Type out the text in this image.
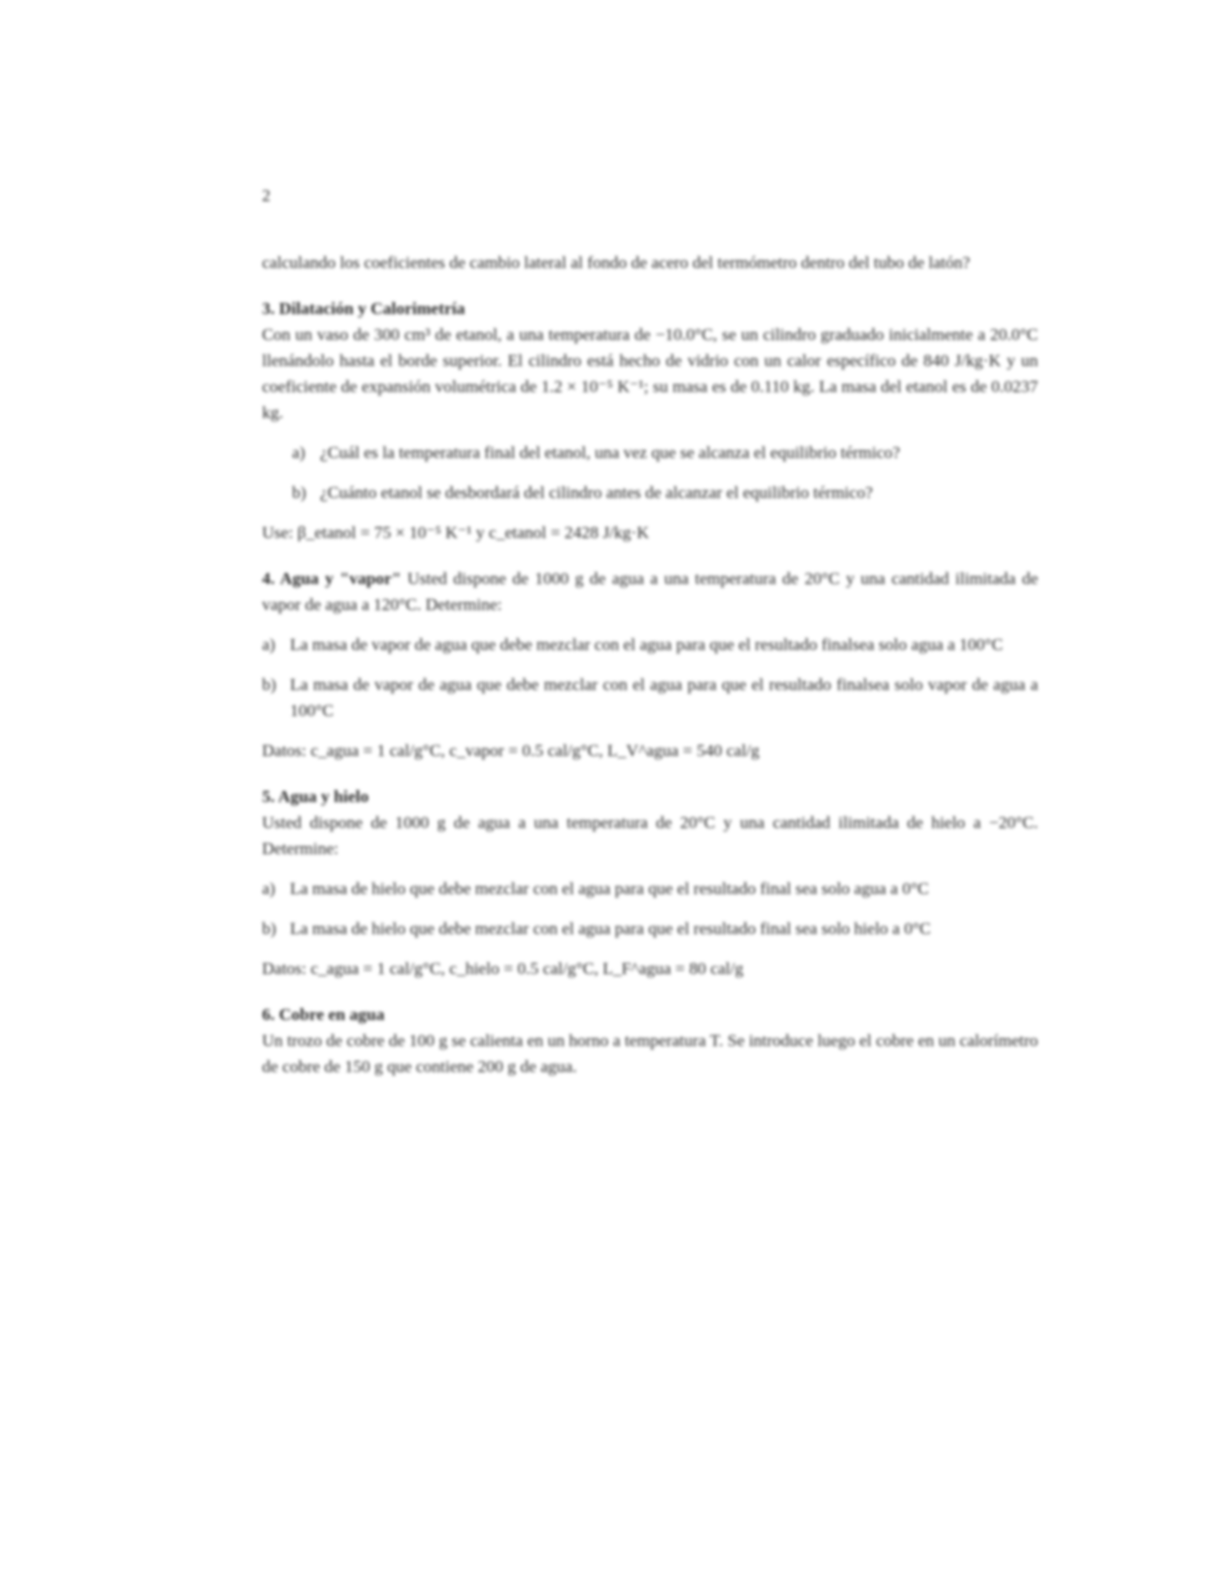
2

calculando los coeficientes de cambio lateral al fondo de acero del termómetro dentro del tubo de latón?

3. Dilatación y Calorimetría
Con un vaso de 300 cm³ de etanol, a una temperatura de −10.0°C, se un cilindro graduado inicialmente a 20.0°C llenándolo hasta el borde superior. El cilindro está hecho de vidrio con un calor específico de 840 J/kg·K y un coeficiente de expansión volumétrica de 1.2 × 10⁻⁵ K⁻¹; su masa es de 0.110 kg. La masa del etanol es de 0.0237 kg.
a) ¿Cuál es la temperatura final del etanol, una vez que se alcanza el equilibrio térmico?
b) ¿Cuánto etanol se desbordará del cilindro antes de alcanzar el equilibrio térmico?
Use: β_etanol = 75 × 10⁻⁵ K⁻¹ y c_etanol = 2428 J/kg·K
4. Agua y "vapor" Usted dispone de 1000 g de agua a una temperatura de 20°C y una cantidad ilimitada de vapor de agua a 120°C. Determine:
a) La masa de vapor de agua que debe mezclar con el agua para que el resultado finalsea solo agua a 100°C
b) La masa de vapor de agua que debe mezclar con el agua para que el resultado finalsea solo vapor de agua a 100°C
Datos: c_agua = 1 cal/g°C, c_vapor = 0.5 cal/g°C, L_V^agua = 540 cal/g
5. Agua y hielo
Usted dispone de 1000 g de agua a una temperatura de 20°C y una cantidad ilimitada de hielo a −20°C. Determine:
a) La masa de hielo que debe mezclar con el agua para que el resultado final sea solo agua a 0°C
b) La masa de hielo que debe mezclar con el agua para que el resultado final sea solo hielo a 0°C
Datos: c_agua = 1 cal/g°C, c_hielo = 0.5 cal/g°C, L_F^agua = 80 cal/g
6. Cobre en agua
Un trozo de cobre de 100 g se calienta en un horno a temperatura T. Se introduce luego el cobre en un calorímetro de cobre de 150 g que contiene 200 g de agua.
